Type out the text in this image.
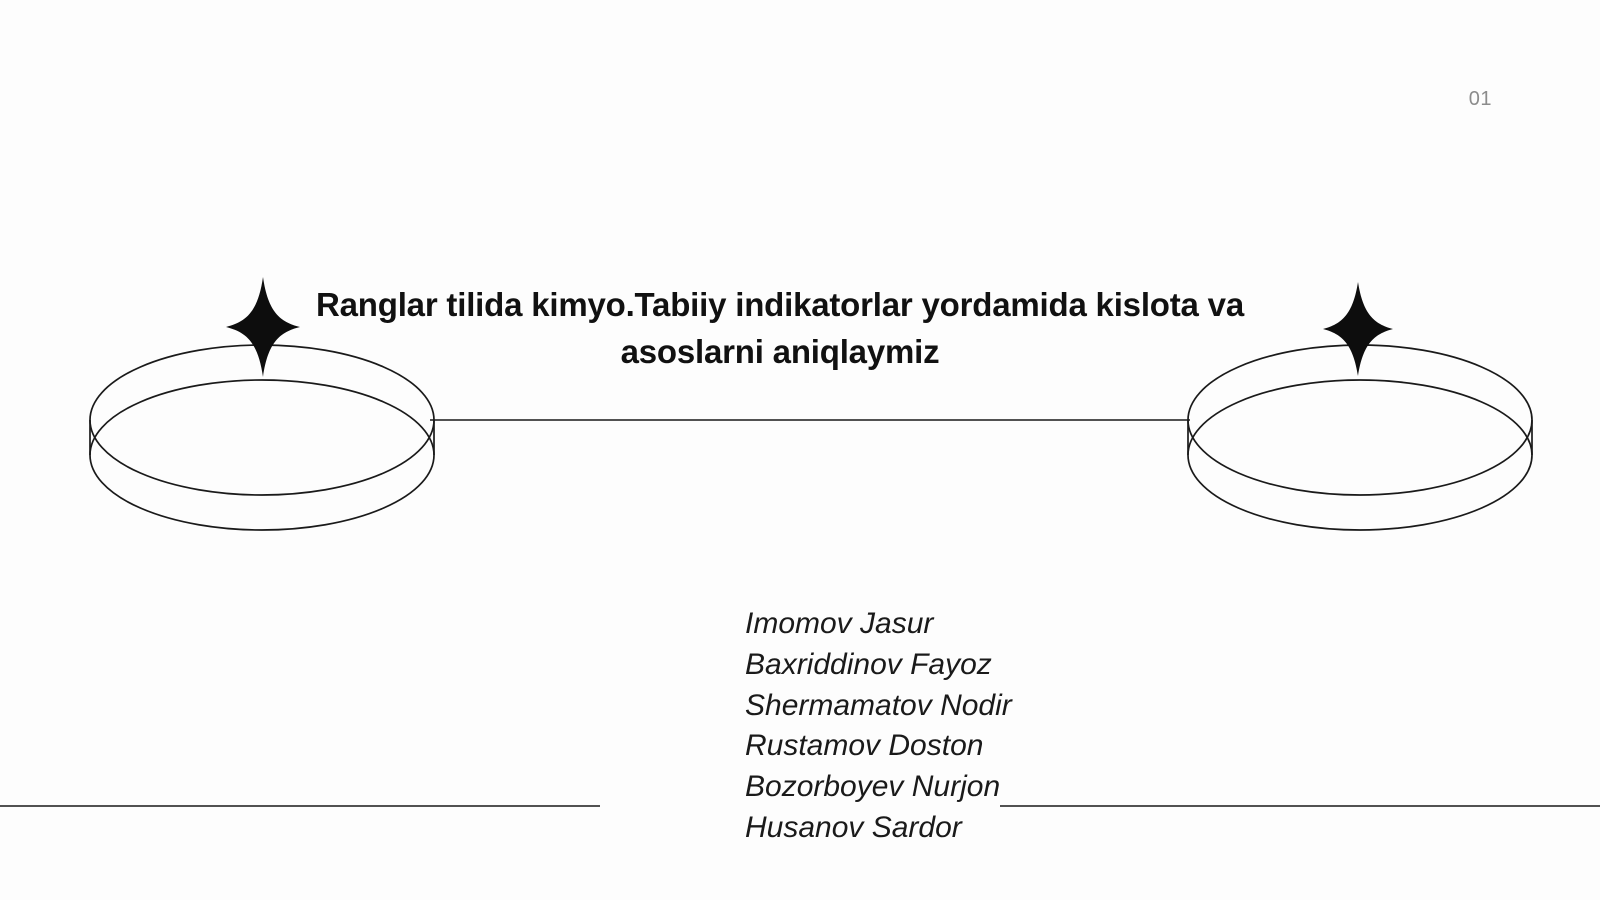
01
Ranglar tilida kimyo.Tabiiy indikatorlar yordamida kislota va asoslarni aniqlaymiz
Imomov Jasur
Baxriddinov Fayoz
Shermamatov Nodir
Rustamov Doston
Bozorboyev Nurjon
Husanov Sardor
